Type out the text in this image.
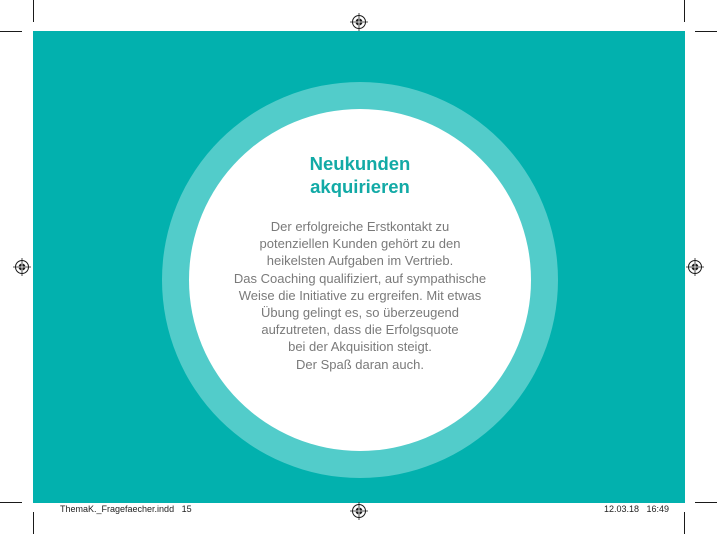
Neukunden
akquirieren

Der erfolgreiche Erstkontakt zu
potenziellen Kunden gehört zu den
heikelsten Aufgaben im Vertrieb.
Das Coaching qualifiziert, auf sympathische
Weise die Initiative zu ergreifen. Mit etwas
Übung gelingt es, so überzeugend
aufzutreten, dass die Erfolgsquote
bei der Akquisition steigt.
Der Spaß daran auch.

ThemaK._Fragefaecher.indd   15	12.03.18   16:49
